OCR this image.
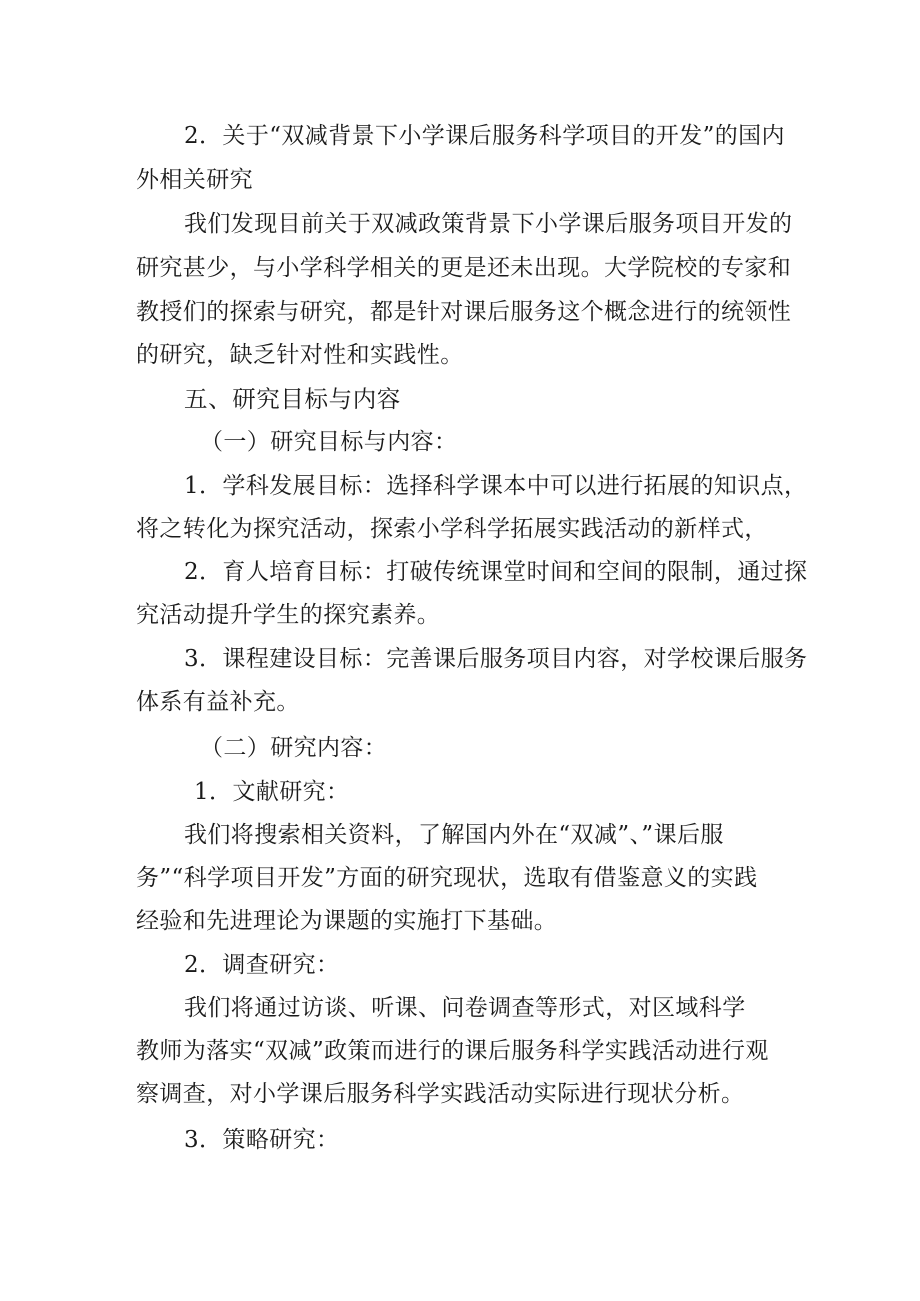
2．关于“双减背景下小学课后服务科学项目的开发”的国内
外相关研究
我们发现目前关于双减政策背景下小学课后服务项目开发的
研究甚少，与小学科学相关的更是还未出现。大学院校的专家和
教授们的探索与研究，都是针对课后服务这个概念进行的统领性
的研究，缺乏针对性和实践性。
五、研究目标与内容
（一）研究目标与内容：
1．学科发展目标：选择科学课本中可以进行拓展的知识点，
将之转化为探究活动，探索小学科学拓展实践活动的新样式，
2．育人培育目标：打破传统课堂时间和空间的限制，通过探
究活动提升学生的探究素养。
3．课程建设目标：完善课后服务项目内容，对学校课后服务
体系有益补充。
（二）研究内容：
1．文献研究：
我们将搜索相关资料，了解国内外在“双减”、”课后服
务”“科学项目开发”方面的研究现状，选取有借鉴意义的实践
经验和先进理论为课题的实施打下基础。
2．调查研究：
我们将通过访谈、听课、问卷调查等形式，对区域科学
教师为落实“双减”政策而进行的课后服务科学实践活动进行观
察调查，对小学课后服务科学实践活动实际进行现状分析。
3．策略研究：
